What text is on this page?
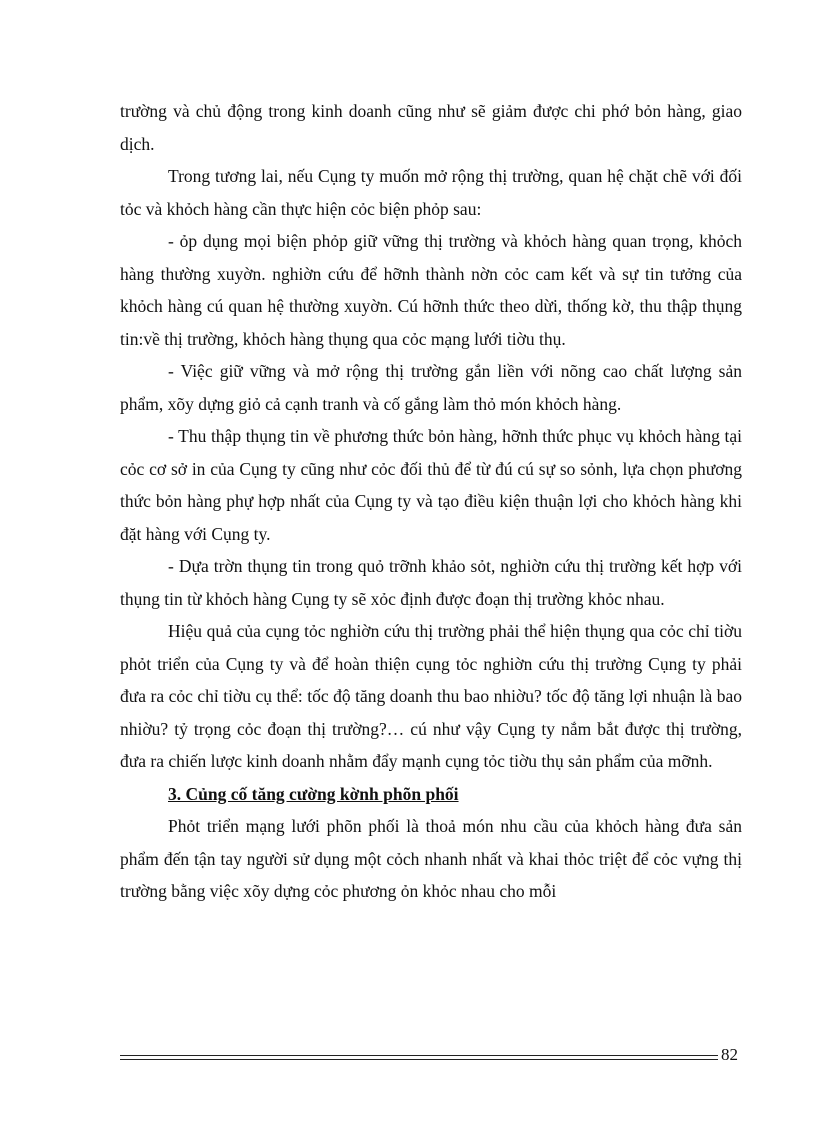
trường và chủ động trong kinh doanh cũng như sẽ giảm được chi phớ bỏn hàng, giao dịch.

Trong tương lai, nếu Cụng ty muốn mở rộng thị trường, quan hệ chặt chẽ với đối tỏc và khỏch hàng cần thực hiện cỏc biện phỏp sau:

- ỏp dụng mọi biện phỏp giữ vững thị trường và khỏch hàng quan trọng, khỏch hàng thường xuyờn. nghiờn cứu để hỡnh thành nờn cỏc cam kết và sự tin tưởng của khỏch hàng cú quan hệ thường xuyờn. Cú hỡnh thức theo dừi, thống kờ, thu thập thụng tin:về thị trường, khỏch hàng thụng qua cỏc mạng lưới tiờu thụ.

- Việc giữ vững và mở rộng thị trường gắn liền với nõng cao chất lượng sản phẩm, xõy dựng giỏ cả cạnh tranh và cố gắng làm thỏ món khỏch hàng.

- Thu thập thụng tin về phương thức bỏn hàng, hỡnh thức phục vụ khỏch hàng tại cỏc cơ sở in của Cụng ty cũng như cỏc đối thủ để từ đú cú sự so sỏnh, lựa chọn phương thức bỏn hàng phự hợp nhất của Cụng ty và tạo điều kiện thuận lợi cho khỏch hàng khi đặt hàng với Cụng ty.

- Dựa trờn thụng tin trong quỏ trỡnh khảo sỏt, nghiờn cứu thị trường kết hợp với thụng tin từ khỏch hàng Cụng ty sẽ xỏc định được đoạn thị trường khỏc nhau.

Hiệu quả của cụng tỏc nghiờn cứu thị trường phải thể hiện thụng qua cỏc chỉ tiờu phỏt triển của Cụng ty và để hoàn thiện cụng tỏc nghiờn cứu thị trường Cụng ty phải đưa ra cỏc chỉ tiờu cụ thể: tốc độ tăng doanh thu bao nhiờu? tốc độ tăng lợi nhuận là bao nhiờu? tỷ trọng cỏc đoạn thị trường?… cú như vậy Cụng ty nắm bắt được thị trường, đưa ra chiến lược kinh doanh nhằm đẩy mạnh cụng tỏc tiờu thụ sản phẩm của mỡnh.

3. Củng cố tăng cường kờnh phõn phối

Phỏt triển mạng lưới phõn phối là thoả món nhu cầu của khỏch hàng đưa sản phẩm đến tận tay người sử dụng một cỏch nhanh nhất và khai thỏc triệt để cỏc vựng thị trường bằng việc xõy dựng cỏc phương ỏn khỏc nhau cho mỗi

82
